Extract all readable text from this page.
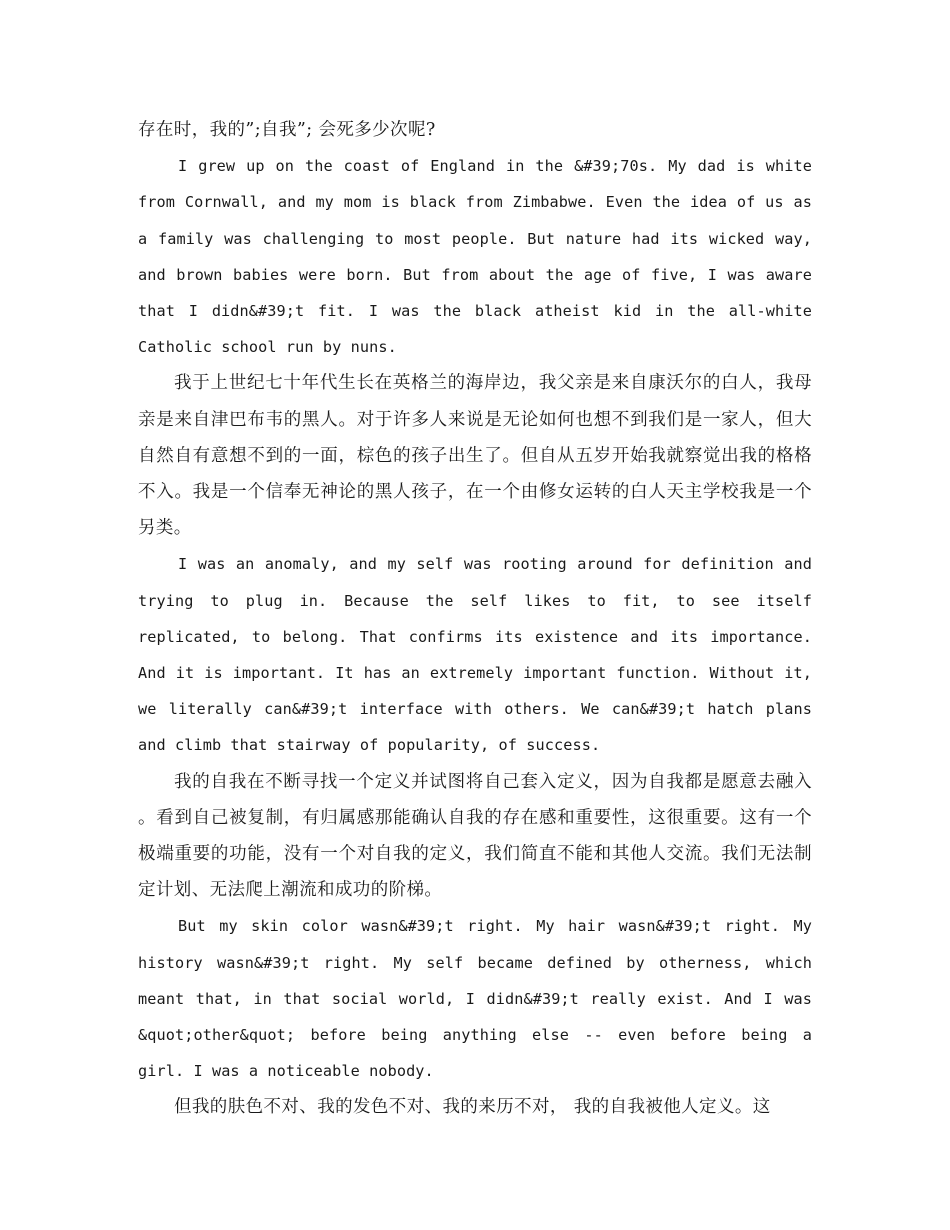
存在时，我的”;自我”; 会死多少次呢?

I grew up on the coast of England in the &#39;70s. My dad is white from Cornwall, and my mom is black from Zimbabwe. Even the idea of us as a family was challenging to most people. But nature had its wicked way, and brown babies were born. But from about the age of five, I was aware that I didn&#39;t fit. I was the black atheist kid in the all-white Catholic school run by nuns.

我于上世纪七十年代生长在英格兰的海岸边，我父亲是来自康沃尔的白人，我母亲是来自津巴布韦的黑人。对于许多人来说是无论如何也想不到我们是一家人，但大自然自有意想不到的一面，棕色的孩子出生了。但自从五岁开始我就察觉出我的格格不入。我是一个信奉无神论的黑人孩子，在一个由修女运转的白人天主学校我是一个另类。

I was an anomaly, and my self was rooting around for definition and trying to plug in. Because the self likes to fit, to see itself replicated, to belong. That confirms its existence and its importance. And it is important. It has an extremely important function. Without it, we literally can&#39;t interface with others. We can&#39;t hatch plans and climb that stairway of popularity, of success.

我的自我在不断寻找一个定义并试图将自己套入定义，因为自我都是愿意去融入 。看到自己被复制，有归属感那能确认自我的存在感和重要性，这很重要。这有一个极端重要的功能，没有一个对自我的定义，我们简直不能和其他人交流。我们无法制定计划、无法爬上潮流和成功的阶梯。

But my skin color wasn&#39;t right. My hair wasn&#39;t right. My history wasn&#39;t right. My self became defined by otherness, which meant that, in that social world, I didn&#39;t really exist. And I was &quot;other&quot; before being anything else -- even before being a girl. I was a noticeable nobody.

但我的肤色不对、我的发色不对、我的来历不对， 我的自我被他人定义。这
